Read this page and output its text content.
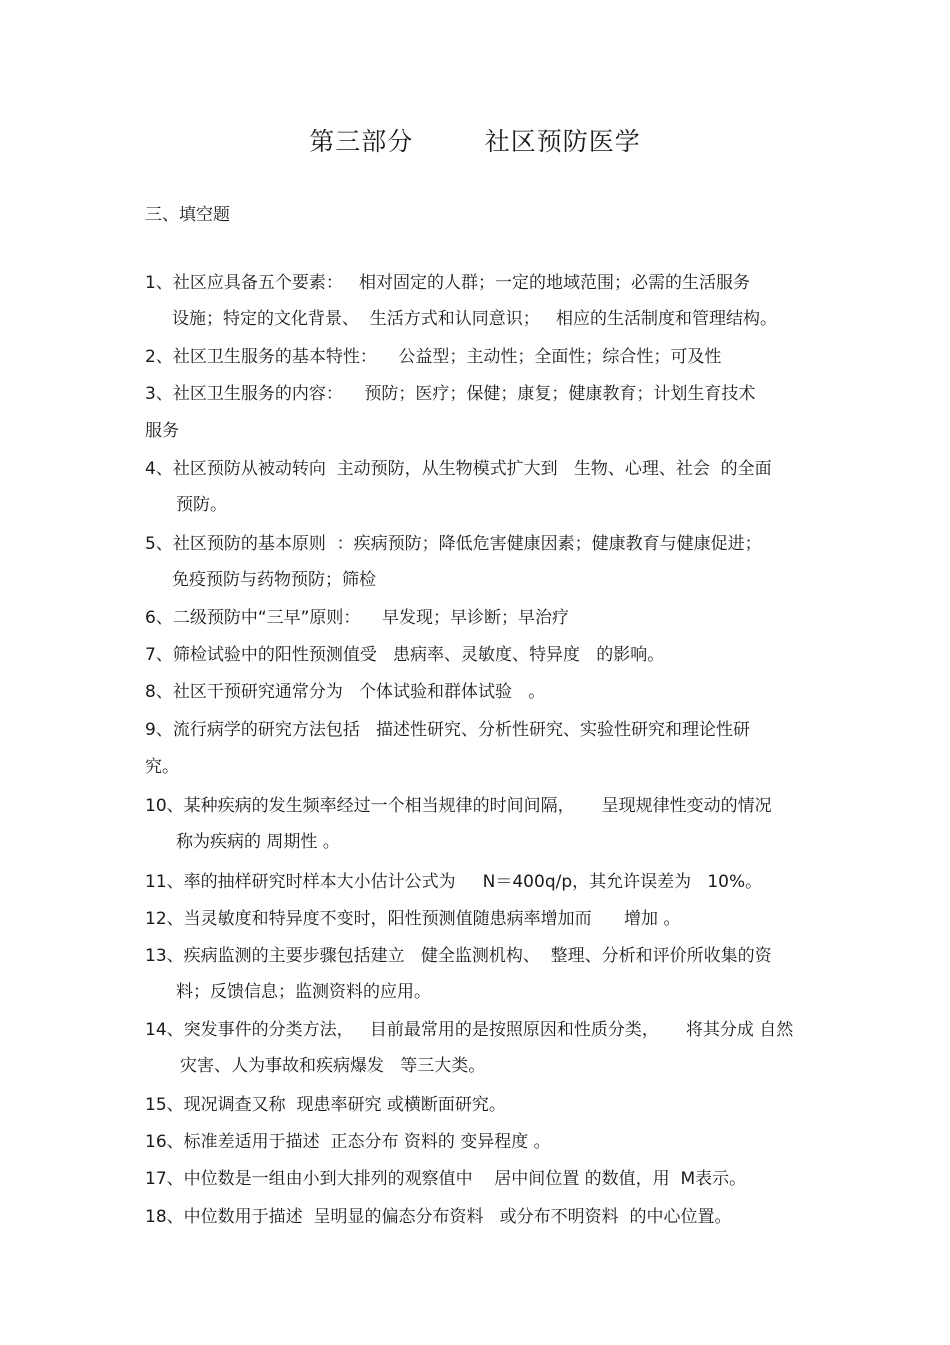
第三部分        社区预防医学
三、填空题
1、社区应具备五个要素：   相对固定的人群；一定的地域范围；必需的生活服务
设施；特定的文化背景、  生活方式和认同意识；   相应的生活制度和管理结构。
2、社区卫生服务的基本特性：    公益型；主动性；全面性；综合性；可及性
3、社区卫生服务的内容：    预防；医疗；保健；康复；健康教育；计划生育技术
服务
4、社区预防从被动转向  主动预防，从生物模式扩大到   生物、心理、社会  的全面
预防。
5、社区预防的基本原则  ：疾病预防；降低危害健康因素；健康教育与健康促进；
免疫预防与药物预防；筛检
6、二级预防中“三早”原则：    早发现；早诊断；早治疗
7、筛检试验中的阳性预测值受   患病率、灵敏度、特异度   的影响。
8、社区干预研究通常分为   个体试验和群体试验   。
9、流行病学的研究方法包括   描述性研究、分析性研究、实验性研究和理论性研
究。
10、某种疾病的发生频率经过一个相当规律的时间间隔，     呈现规律性变动的情况
称为疾病的 周期性 。
11、率的抽样研究时样本大小估计公式为     N＝400q/p，其允许误差为   10%。
12、当灵敏度和特异度不变时，阳性预测值随患病率增加而      增加 。
13、疾病监测的主要步骤包括建立   健全监测机构、  整理、分析和评价所收集的资
料；反馈信息；监测资料的应用。
14、突发事件的分类方法，   目前最常用的是按照原因和性质分类，     将其分成 自然
灾害、人为事故和疾病爆发   等三大类。
15、现况调查又称  现患率研究 或横断面研究。
16、标准差适用于描述  正态分布 资料的 变异程度 。
17、中位数是一组由小到大排列的观察值中    居中间位置 的数值，用  M表示。
18、中位数用于描述  呈明显的偏态分布资料   或分布不明资料  的中心位置。
